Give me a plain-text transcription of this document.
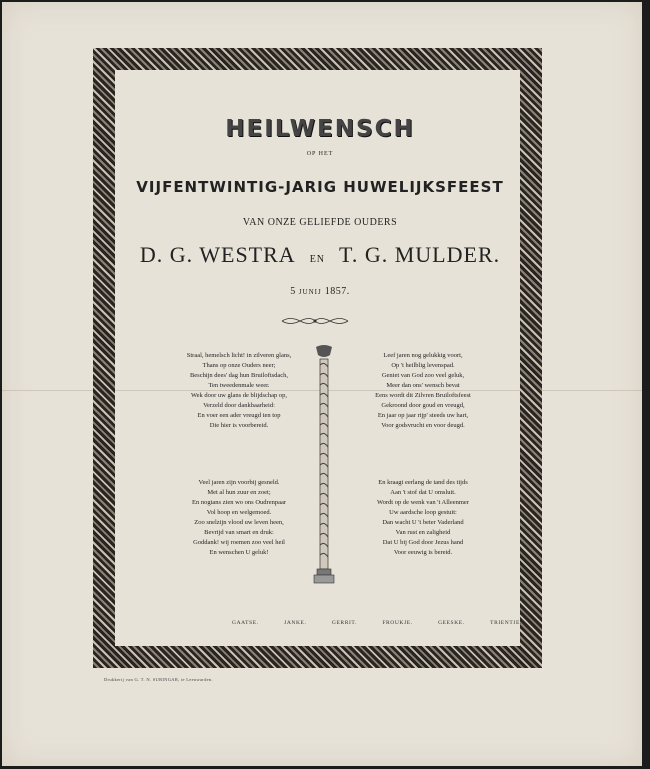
HEILWENSCH
OP HET
VIJFENTWINTIG-JARIG HUWELIJKSFEEST
VAN ONZE GELIEFDE OUDERS
D. G. WESTRA EN T. G. MULDER.
5 JUNIJ 1857.
Straal, hemelsch licht! in zilveren glans,
Thans op onze Ouders neer;
Beschijn dees' dag hun Bruiloftsdach,
Ten tweedenmale weer.
Wek door uw glans de blijdschap op,
Verzeld door dankbaarheid:
En voer een ader vreugd ten top
Die hier is voorbereid.
Leef jaren nog gelukkig voort,
Op 't heilblig levenspad.
Geniet van God zoo veel geluk,
Meer dan ons' wensch bevat
Eens wordt dit Zilvren Bruiloftsfeest
Gekroond door goud en vreugd,
En jaar op jaar rijp' steeds uw hart,
Voor godsvrucht en voor deugd.
Veel jaren zijn voorbij gesneld.
Met al hun zuur en zoet;
En nogtans zien wo ons Oudrenpaar
Vol hoop en welgemoed.
Zoo snelzijn vlood uw leven heen,
Bevrijd van smart en druk:
Goddank! wij roemen zoo veel heil
En wenschen U geluk!
En kraagt eerlang de tand des tijds
Aan 't stof dat U omsluit.
Wordt op de wenk van 't Alleenmer
Uw aardsche loop gestuit:
Dan wacht U 't beter Vaderland
Van rust en zaligheid
Dat U bij God door Jezus hand
Voor eeuwig is bereid.
GAATSE.	JANKE.	GERRIT.	FROUKJE.	GEESKE.	TRIENTJE.
Drukkerij van G. T. N. SURINGAR, te Leeuwarden.
